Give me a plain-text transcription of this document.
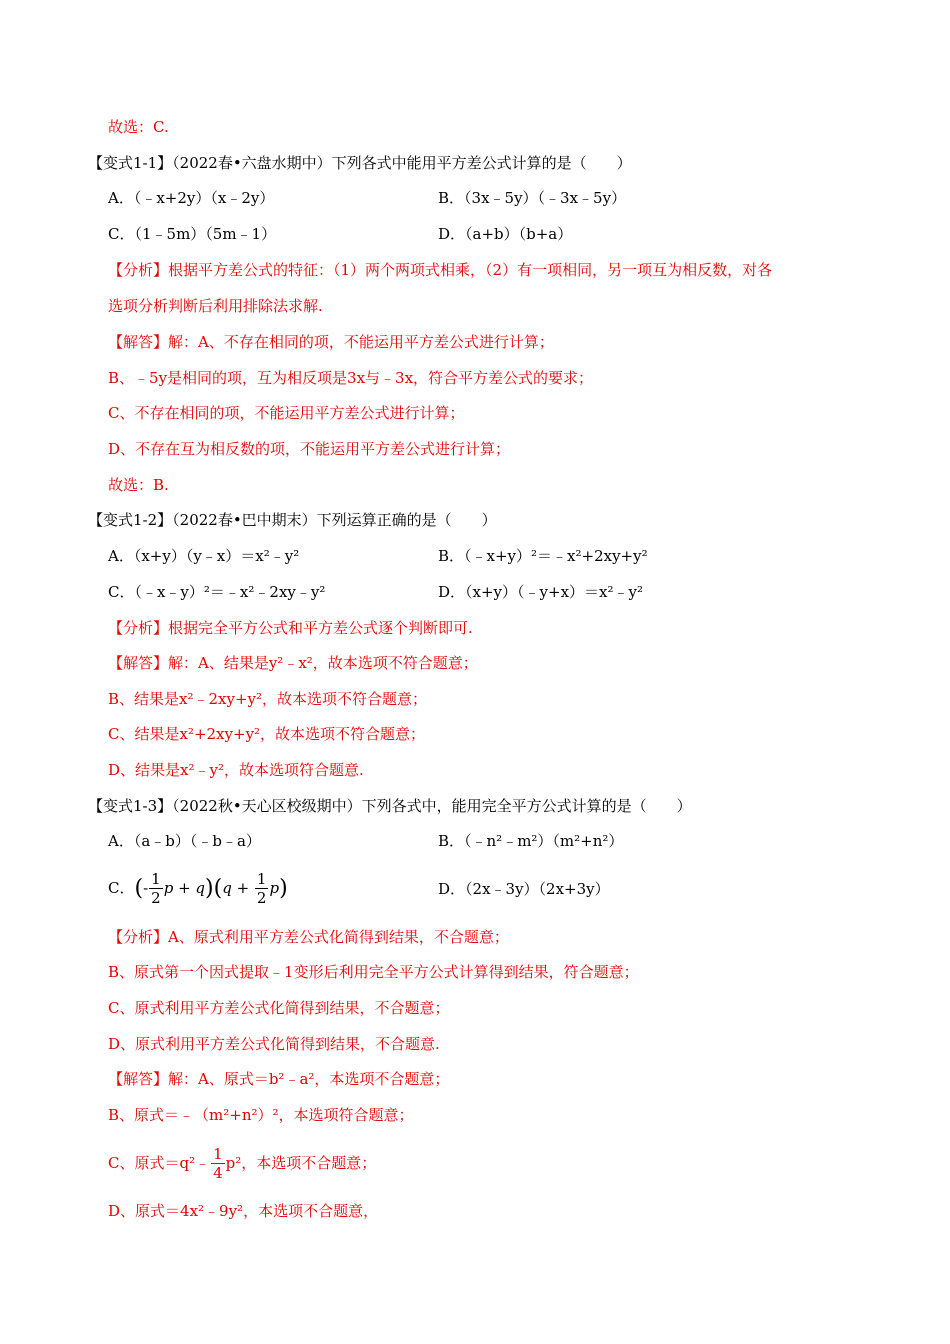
故选：C.
【变式1-1】（2022春•六盘水期中）下列各式中能用平方差公式计算的是（　　）
A．（﹣x+2y）（x﹣2y）	B．（3x﹣5y）（﹣3x﹣5y）
C．（1﹣5m）（5m﹣1）	D．（a+b）（b+a）
【分析】根据平方差公式的特征：（1）两个两项式相乘，（2）有一项相同，另一项互为相反数，对各
选项分析判断后利用排除法求解.
【解答】解：A、不存在相同的项，不能运用平方差公式进行计算；
B、﹣5y是相同的项，互为相反项是3x与﹣3x，符合平方差公式的要求；
C、不存在相同的项，不能运用平方差公式进行计算；
D、不存在互为相反数的项，不能运用平方差公式进行计算；
故选：B.
【变式1-2】（2022春•巴中期末）下列运算正确的是（　　）
A．（x+y）（y﹣x）＝x²﹣y²	B．（﹣x+y）²＝﹣x²+2xy+y²
C．（﹣x﹣y）²＝﹣x²﹣2xy﹣y²	D．（x+y）（﹣y+x）＝x²﹣y²
【分析】根据完全平方公式和平方差公式逐个判断即可.
【解答】解：A、结果是y²﹣x²，故本选项不符合题意；
B、结果是x²﹣2xy+y²，故本选项不符合题意；
C、结果是x²+2xy+y²，故本选项不符合题意；
D、结果是x²﹣y²，故本选项符合题意.
【变式1-3】（2022秋•天心区校级期中）下列各式中，能用完全平方公式计算的是（　　）
A．（a﹣b）（﹣b﹣a）	B．（﹣n²﹣m²）（m²+n²）
C．(- $\frac{1}{2}$ $p + q)(q + \frac{1}{2} p)$	D．（2x﹣3y）（2x+3y）
【分析】A、原式利用平方差公式化简得到结果，不合题意；
B、原式第一个因式提取﹣1变形后利用完全平方公式计算得到结果，符合题意；
C、原式利用平方差公式化简得到结果，不合题意；
D、原式利用平方差公式化简得到结果，不合题意.
【解答】解：A、原式＝b²﹣a²，本选项不合题意；
B、原式＝﹣（m²+n²）²，本选项符合题意；
C、原式＝q²﹣ $\frac{1}{4} p^2$，本选项不合题意；
D、原式＝4x²﹣9y²，本选项不合题意，
